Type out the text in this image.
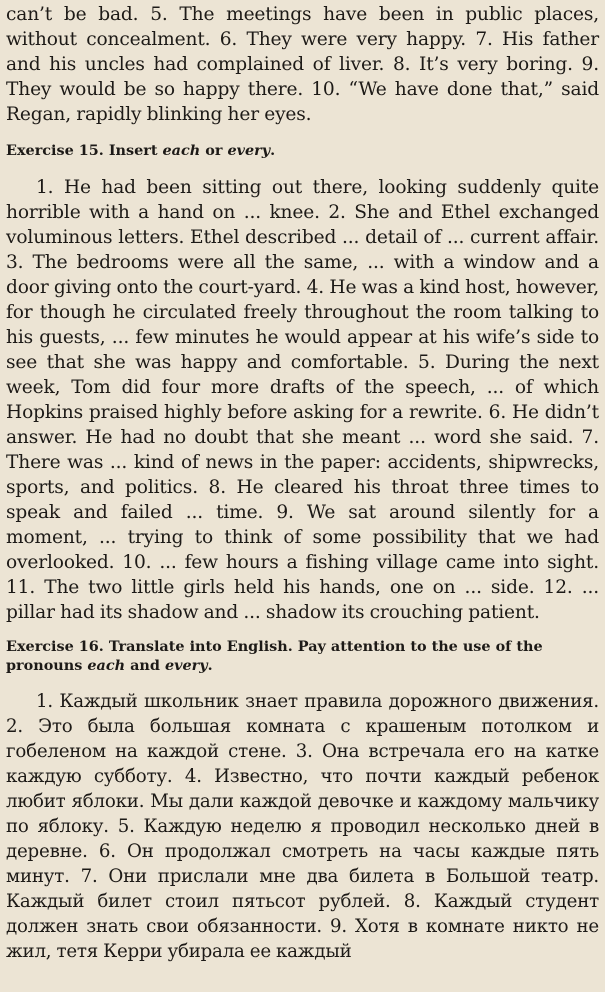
can’t be bad. 5. The meetings have been in public places, without concealment. 6. They were very happy. 7. His father and his uncles had complained of liver. 8. It’s very boring. 9. They would be so happy there. 10. “We have done that,” said Regan, rapidly blinking her eyes.

Exercise 15. Insert each or every.

1. He had been sitting out there, looking suddenly quite horrible with a hand on ... knee. 2. She and Ethel exchanged voluminous letters. Ethel described ... detail of ... current affair. 3. The bedrooms were all the same, ... with a window and a door giving onto the court-yard. 4. He was a kind host, however, for though he circulated freely throughout the room talking to his guests, ... few minutes he would appear at his wife’s side to see that she was happy and comfortable. 5. During the next week, Tom did four more drafts of the speech, ... of which Hopkins praised highly before asking for a rewrite. 6. He didn’t answer. He had no doubt that she meant ... word she said. 7. There was ... kind of news in the paper: accidents, shipwrecks, sports, and politics. 8. He cleared his throat three times to speak and failed ... time. 9. We sat around silently for a moment, ... trying to think of some possibility that we had overlooked. 10. ... few hours a fishing village came into sight. 11. The two little girls held his hands, one on ... side. 12. ... pillar had its shadow and ... shadow its crouching patient.

Exercise 16. Translate into English. Pay attention to the use of the
pronouns each and every.

1. Каждый школьник знает правила дорожного движения. 2. Это была большая комната с крашеным потолком и гобеленом на каждой стене. 3. Она встречала его на катке каждую субботу. 4. Известно, что почти каждый ребенок любит яблоки. Мы дали каждой девочке и каждому мальчику по яблоку. 5. Каждую неделю я проводил несколько дней в деревне. 6. Он продолжал смотреть на часы каждые пять минут. 7. Они прислали мне два билета в Большой театр. Каждый билет стоил пятьсот рублей. 8. Каждый студент должен знать свои обязанности. 9. Хотя в комнате никто не жил, тетя Керри убирала ее каждый
